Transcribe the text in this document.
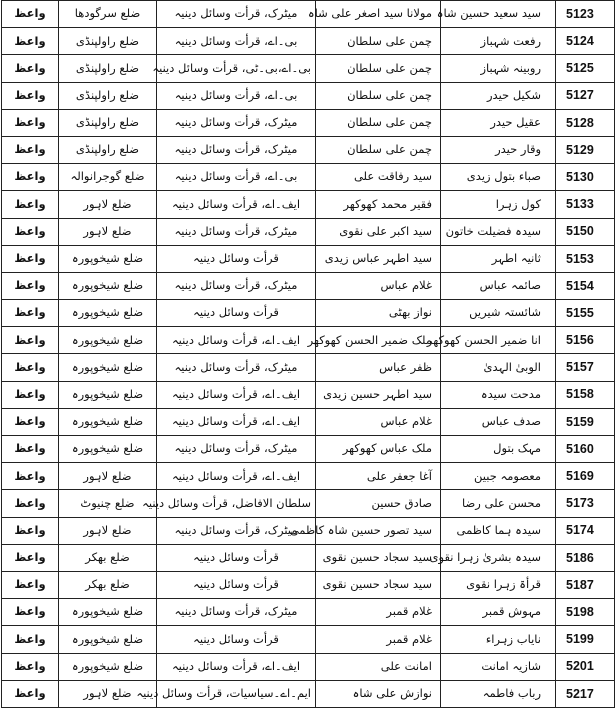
واعظ	ضلع سرگودھا	میٹرک، قرأت وسائل دینیہ	مولانا سید اصغر علی شاہ	سید سعید حسین شاہ	5123
واعظ	ضلع راولپنڈی	بی۔اے، قرأت وسائل دینیہ	چمن علی سلطان	رفعت شہباز	5124
واعظ	ضلع راولپنڈی	بی۔اے،بی۔ٹی، قرأت وسائل دینیہ	چمن علی سلطان	روبینہ شہباز	5125
واعظ	ضلع راولپنڈی	بی۔اے، قرأت وسائل دینیہ	چمن علی سلطان	شکیل حیدر	5127
واعظ	ضلع راولپنڈی	میٹرک، قرأت وسائل دینیہ	چمن علی سلطان	عقیل حیدر	5128
واعظ	ضلع راولپنڈی	میٹرک، قرأت وسائل دینیہ	چمن علی سلطان	وقار حیدر	5129
واعظ	ضلع گوجرانوالہ	بی۔اے، قرأت وسائل دینیہ	سید رفاقت علی	صباء بتول زیدی	5130
واعظ	ضلع لاہور	ایف۔اے، قرأت وسائل دینیہ	فقیر محمد کھوکھر	کول زہرا	5133
واعظ	ضلع لاہور	میٹرک، قرأت وسائل دینیہ	سید اکبر علی نقوی	سیدہ فضیلت خاتون	5150
واعظ	ضلع شیخوپورہ	قرأت وسائل دینیہ	سید اطہر عباس زیدی	ثانیہ اطہر	5153
واعظ	ضلع شیخوپورہ	میٹرک، قرأت وسائل دینیہ	غلام عباس	صائمہ عباس	5154
واعظ	ضلع شیخوپورہ	قرأت وسائل دینیہ	نواز بھٹی	شائستہ شیریں	5155
واعظ	ضلع شیخوپورہ	ایف۔اے، قرأت وسائل دینیہ	ملک ضمیر الحسن کھوکھر	انا ضمیر الحسن کھوکھر	5156
واعظ	ضلع شیخوپورہ	میٹرک، قرأت وسائل دینیہ	ظفر عباس	الوبیٰ الہدیٰ	5157
واعظ	ضلع شیخوپورہ	ایف۔اے، قرأت وسائل دینیہ	سید اطہر حسین زیدی	مدحت سیدہ	5158
واعظ	ضلع شیخوپورہ	ایف۔اے، قرأت وسائل دینیہ	غلام عباس	صدف عباس	5159
واعظ	ضلع شیخوپورہ	میٹرک، قرأت وسائل دینیہ	ملک عباس کھوکھر	مہک بتول	5160
واعظ	ضلع لاہور	ایف۔اے، قرأت وسائل دینیہ	آغا جعفر علی	معصومہ جبین	5169
واعظ	ضلع چنیوٹ	سلطان الافاضل، قرأت وسائل دینیہ	صادق حسین	محسن علی رضا	5173
واعظ	ضلع لاہور	میٹرک، قرأت وسائل دینیہ	سید تصور حسین شاہ کاظمی	سیدہ ہما کاظمی	5174
واعظ	ضلع بھکر	قرأت وسائل دینیہ	سید سجاد حسین نقوی	سیدہ بشریٰ زہرا نقوی	5186
واعظ	ضلع بھکر	قرأت وسائل دینیہ	سید سجاد حسین نقوی	قرأۃ زہرا نقوی	5187
واعظ	ضلع شیخوپورہ	میٹرک، قرأت وسائل دینیہ	غلام قمبر	مہوش قمبر	5198
واعظ	ضلع شیخوپورہ	قرأت وسائل دینیہ	غلام قمبر	نایاب زہراء	5199
واعظ	ضلع شیخوپورہ	ایف۔اے، قرأت وسائل دینیہ	امانت علی	شازیہ امانت	5201
واعظ	ضلع لاہور	ایم۔اے۔سیاسیات، قرأت وسائل دینیہ	نوازش علی شاہ	رباب فاطمہ	5217
